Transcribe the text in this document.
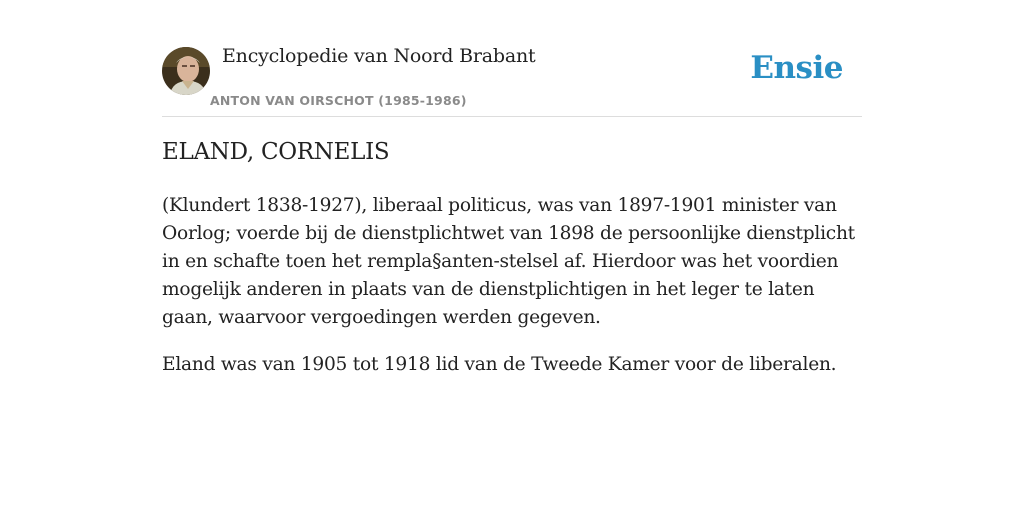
Encyclopedie van Noord Brabant
ANTON VAN OIRSCHOT (1985-1986)
Ensie
ELAND, CORNELIS

(Klundert 1838-1927), liberaal politicus, was van 1897-1901 minister van Oorlog; voerde bij de dienstplichtwet van 1898 de persoonlijke dienstplicht in en schafte toen het rempla§anten-stelsel af. Hierdoor was het voordien mogelijk anderen in plaats van de dienstplichtigen in het leger te laten gaan, waarvoor vergoedingen werden gegeven.

Eland was van 1905 tot 1918 lid van de Tweede Kamer voor de liberalen.
